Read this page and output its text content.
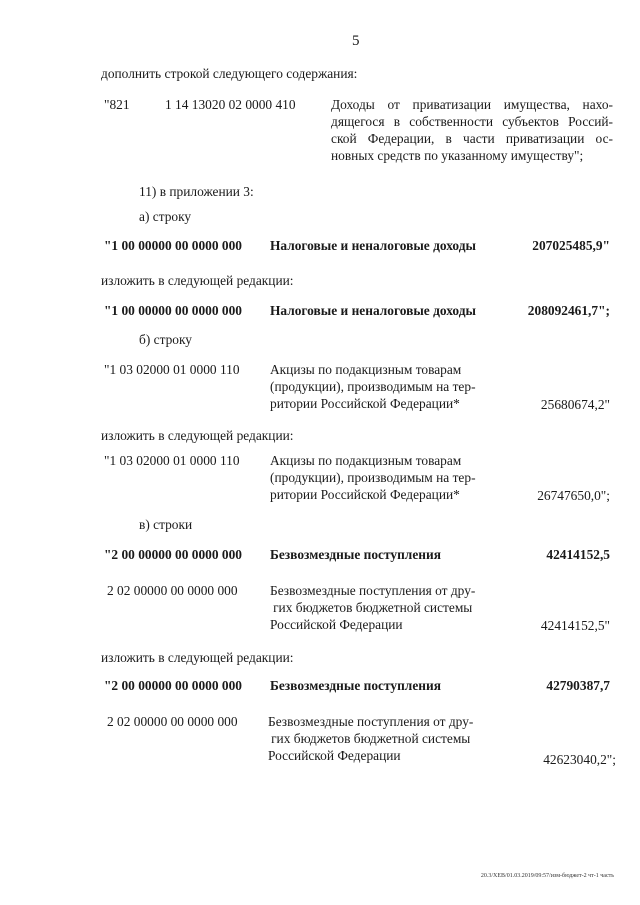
5
дополнить строкой следующего содержания:
"821	1 14 13020 02 0000 410	Доходы от приватизации имущества, нахо-
дящегося в собственности субъектов Россий-
ской Федерации, в части приватизации ос-
новных средств по указанному имуществу";
11) в приложении 3:
а) строку
"1 00 00000 00 0000 000 Налоговые и неналоговые доходы	207025485,9"
изложить в следующей редакции:
"1 00 00000 00 0000 000 Налоговые и неналоговые доходы	208092461,7";
б) строку
"1 03 02000 01 0000 110 Акцизы по подакцизным товарам
(продукции), производимым на тер-
ритории Российской Федерации*	25680674,2"
изложить в следующей редакции:
"1 03 02000 01 0000 110 Акцизы по подакцизным товарам
(продукции), производимым на тер-
ритории Российской Федерации*	26747650,0";
в) строки
"2 00 00000 00 0000 000 Безвозмездные поступления	42414152,5
2 02 00000 00 0000 000 Безвозмездные поступления от дру-
гих бюджетов бюджетной системы
Российской Федерации	42414152,5"
изложить в следующей редакции:
"2 00 00000 00 0000 000 Безвозмездные поступления	42790387,7
2 02 00000 00 0000 000 Безвозмездные поступления от дру-
гих бюджетов бюджетной системы
Российской Федерации	42623040,2";
20.3/ХЕВ/01.03.2019/09:57/изм-бюджет-2 чт-1 часть
